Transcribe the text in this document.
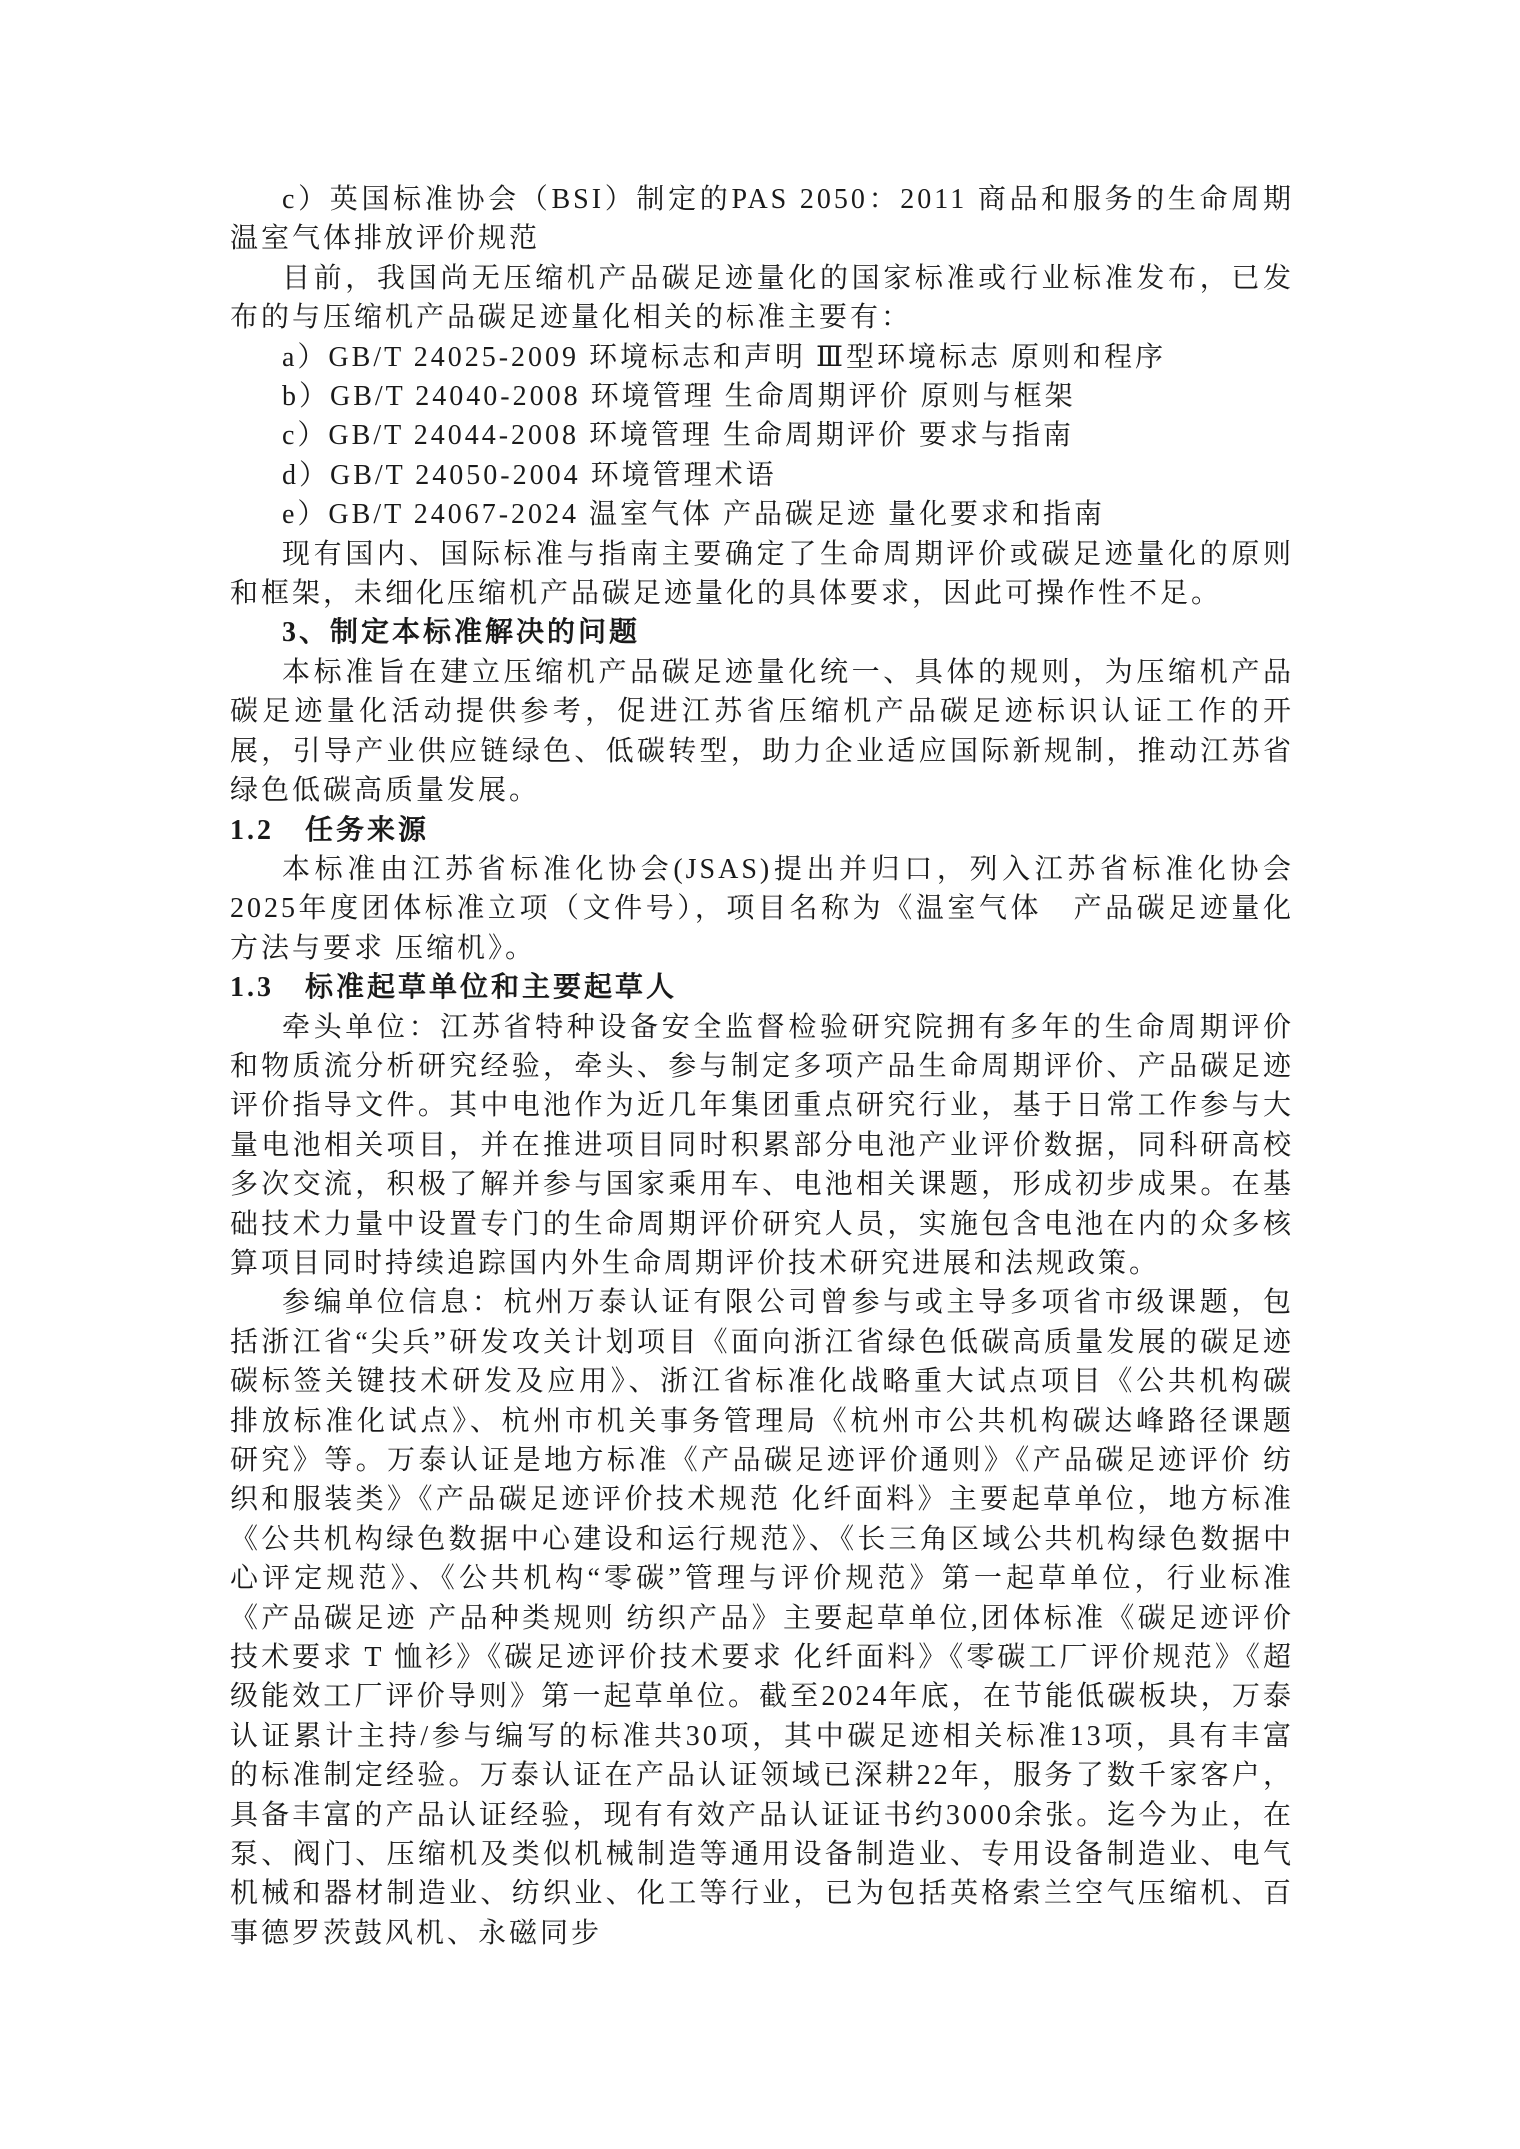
c）英国标准协会（BSI）制定的PAS 2050：2011 商品和服务的生命周期温室气体排放评价规范

目前，我国尚无压缩机产品碳足迹量化的国家标准或行业标准发布，已发布的与压缩机产品碳足迹量化相关的标准主要有：

a）GB/T 24025-2009 环境标志和声明 Ⅲ型环境标志 原则和程序

b）GB/T 24040-2008 环境管理 生命周期评价 原则与框架

c）GB/T 24044-2008 环境管理 生命周期评价 要求与指南

d）GB/T 24050-2004 环境管理术语

e）GB/T 24067-2024 温室气体 产品碳足迹 量化要求和指南

现有国内、国际标准与指南主要确定了生命周期评价或碳足迹量化的原则和框架，未细化压缩机产品碳足迹量化的具体要求，因此可操作性不足。

3、制定本标准解决的问题

本标准旨在建立压缩机产品碳足迹量化统一、具体的规则，为压缩机产品碳足迹量化活动提供参考，促进江苏省压缩机产品碳足迹标识认证工作的开展，引导产业供应链绿色、低碳转型，助力企业适应国际新规制，推动江苏省绿色低碳高质量发展。

1.2　任务来源

本标准由江苏省标准化协会(JSAS)提出并归口，列入江苏省标准化协会2025年度团体标准立项（文件号），项目名称为《温室气体　产品碳足迹量化方法与要求 压缩机》。

1.3　标准起草单位和主要起草人

牵头单位：江苏省特种设备安全监督检验研究院拥有多年的生命周期评价和物质流分析研究经验，牵头、参与制定多项产品生命周期评价、产品碳足迹评价指导文件。其中电池作为近几年集团重点研究行业，基于日常工作参与大量电池相关项目，并在推进项目同时积累部分电池产业评价数据，同科研高校多次交流，积极了解并参与国家乘用车、电池相关课题，形成初步成果。在基础技术力量中设置专门的生命周期评价研究人员，实施包含电池在内的众多核算项目同时持续追踪国内外生命周期评价技术研究进展和法规政策。

参编单位信息：杭州万泰认证有限公司曾参与或主导多项省市级课题，包括浙江省“尖兵”研发攻关计划项目《面向浙江省绿色低碳高质量发展的碳足迹碳标签关键技术研发及应用》、浙江省标准化战略重大试点项目《公共机构碳排放标准化试点》、杭州市机关事务管理局《杭州市公共机构碳达峰路径课题研究》等。万泰认证是地方标准《产品碳足迹评价通则》《产品碳足迹评价 纺织和服装类》《产品碳足迹评价技术规范 化纤面料》主要起草单位，地方标准《公共机构绿色数据中心建设和运行规范》、《长三角区域公共机构绿色数据中心评定规范》、《公共机构“零碳”管理与评价规范》第一起草单位，行业标准《产品碳足迹 产品种类规则 纺织产品》主要起草单位,团体标准《碳足迹评价技术要求 T 恤衫》《碳足迹评价技术要求 化纤面料》《零碳工厂评价规范》《超级能效工厂评价导则》第一起草单位。截至2024年底，在节能低碳板块，万泰认证累计主持/参与编写的标准共30项，其中碳足迹相关标准13项，具有丰富的标准制定经验。万泰认证在产品认证领域已深耕22年，服务了数千家客户，具备丰富的产品认证经验，现有有效产品认证证书约3000余张。迄今为止，在泵、阀门、压缩机及类似机械制造等通用设备制造业、专用设备制造业、电气机械和器材制造业、纺织业、化工等行业，已为包括英格索兰空气压缩机、百事德罗茨鼓风机、永磁同步
